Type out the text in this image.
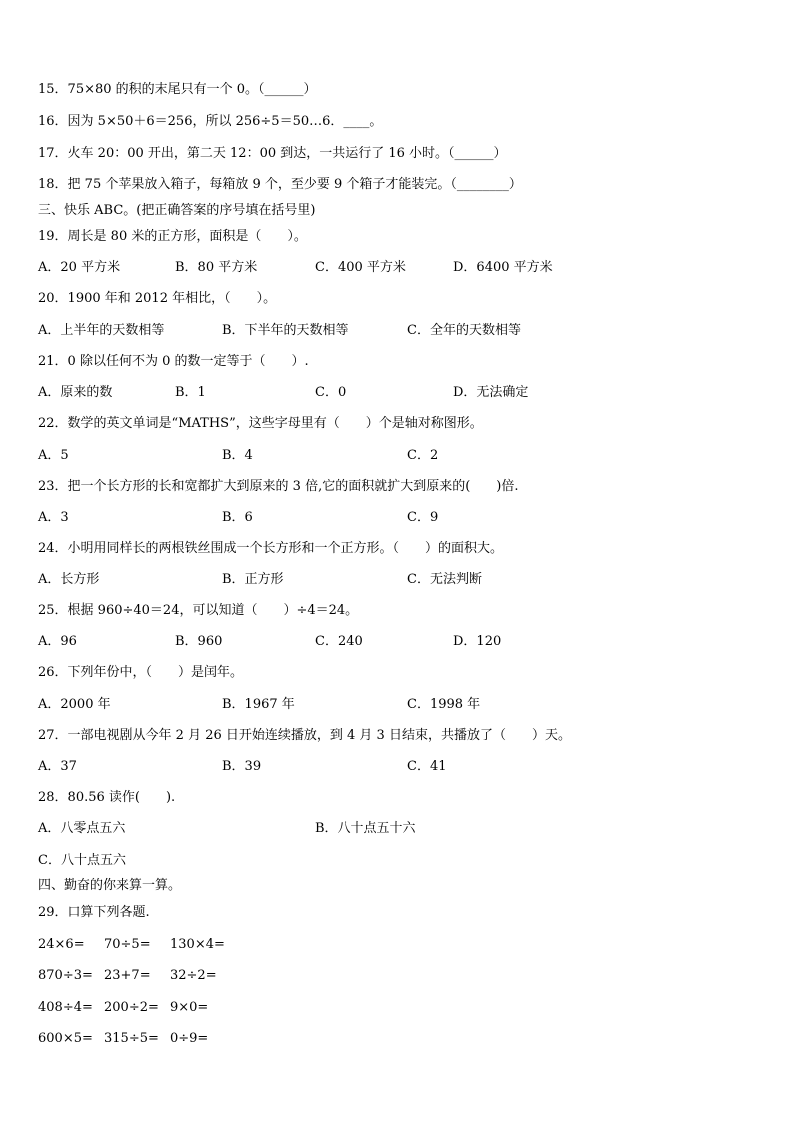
15．75×80 的积的末尾只有一个 0。（______）
16．因为 5×50＋6＝256，所以 256÷5＝50…6．____。
17．火车 20：00 开出，第二天 12：00 到达，一共运行了 16 小时。（______）
18．把 75 个苹果放入箱子，每箱放 9 个，至少要 9 个箱子才能装完。（________）
三、快乐 ABC。(把正确答案的序号填在括号里)
19．周长是 80 米的正方形，面积是（　　）。
A．20 平方米	B．80 平方米	C．400 平方米	D．6400 平方米
20．1900 年和 2012 年相比，（　　）。
A．上半年的天数相等	B．下半年的天数相等	C．全年的天数相等
21．0 除以任何不为 0 的数一定等于（　　）.
A．原来的数	B．1	C．0	D．无法确定
22．数学的英文单词是“MATHS”，这些字母里有（　　）个是轴对称图形。
A．5	B．4	C．2
23．把一个长方形的长和宽都扩大到原来的 3 倍,它的面积就扩大到原来的(　　)倍.
A．3	B．6	C．9
24．小明用同样长的两根铁丝围成一个长方形和一个正方形。（　　）的面积大。
A．长方形	B．正方形	C．无法判断
25．根据 960÷40＝24，可以知道（　　）÷4＝24。
A．96	B．960	C．240	D．120
26．下列年份中，（　　）是闰年。
A．2000 年	B．1967 年	C．1998 年
27．一部电视剧从今年 2 月 26 日开始连续播放，到 4 月 3 日结束，共播放了（　　）天。
A．37	B．39	C．41
28．80.56 读作(　　).
A．八零点五六	B．八十点五十六
C．八十点五六
四、勤奋的你来算一算。
29．口算下列各题.
24×6= 70÷5= 130×4=
870÷3= 23+7= 32÷2=
408÷4= 200÷2= 9×0=
600×5= 315÷5= 0÷9=
